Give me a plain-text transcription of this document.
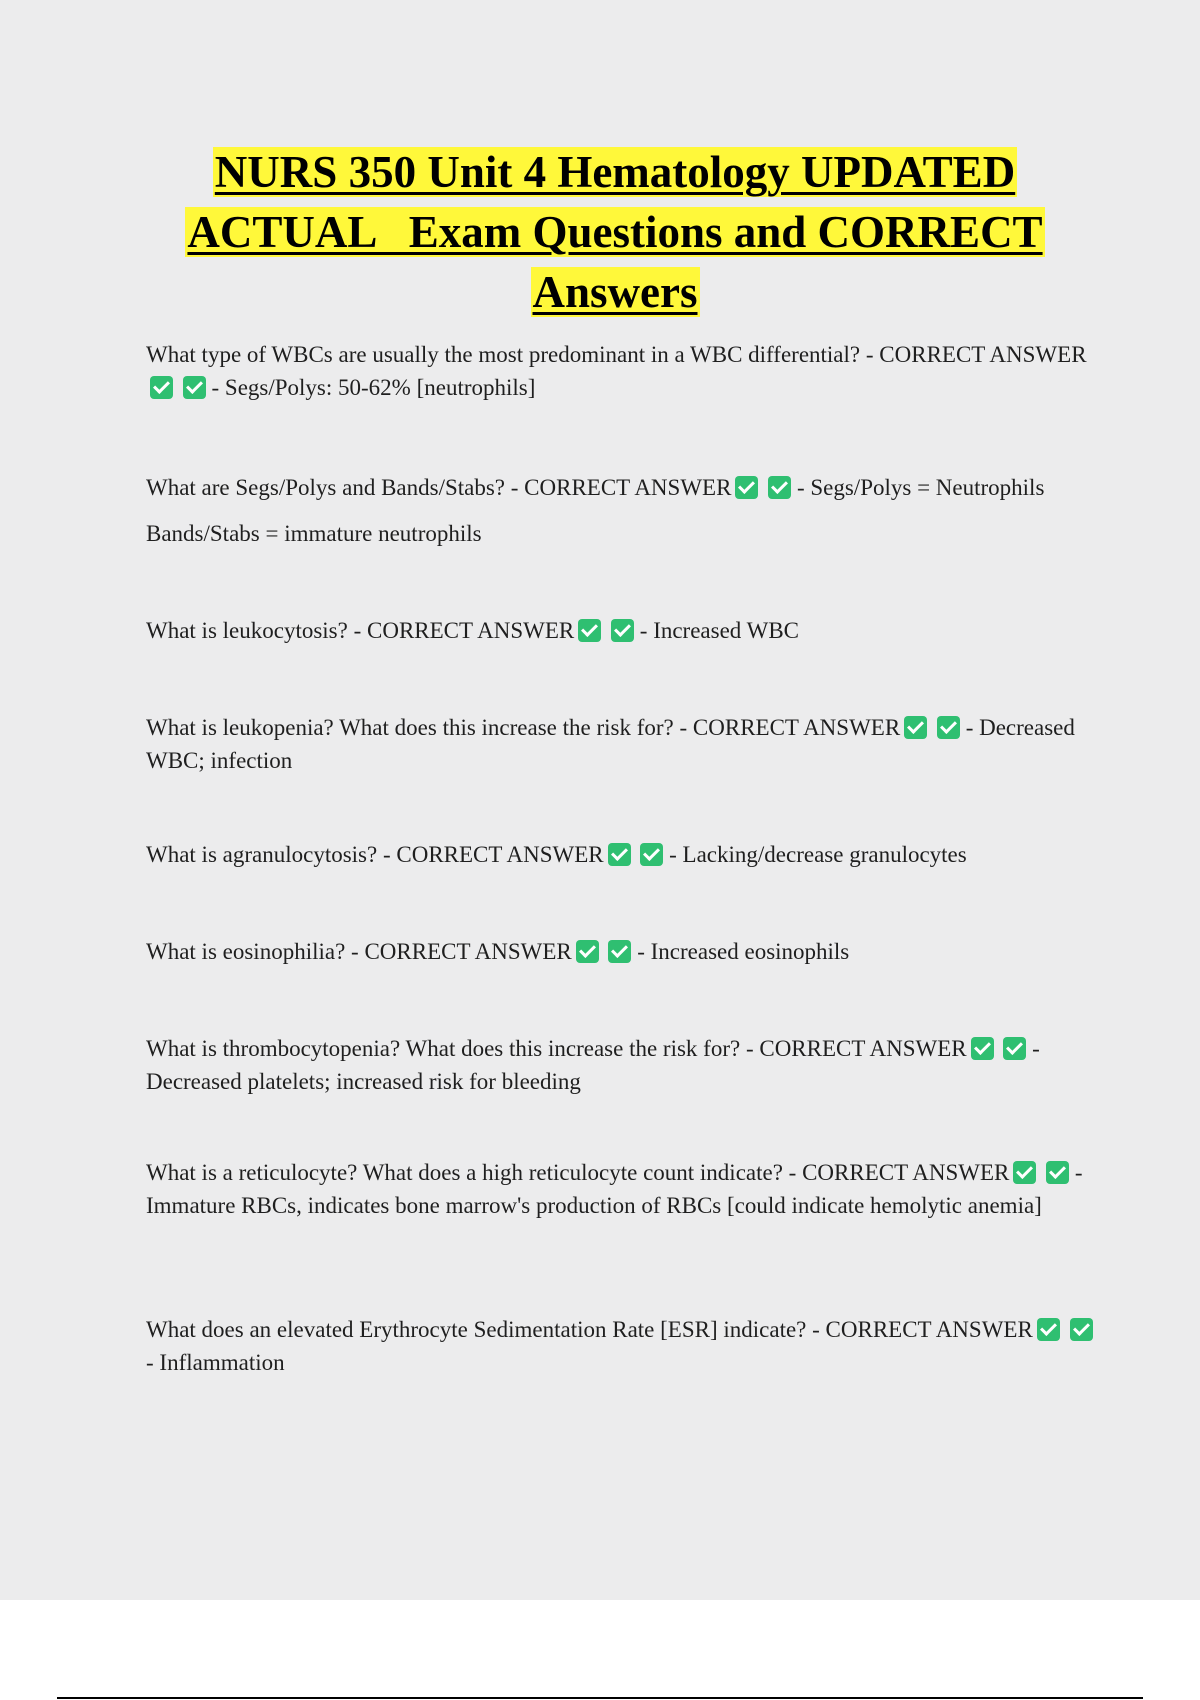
NURS 350 Unit 4 Hematology UPDATED
ACTUAL   Exam Questions and CORRECT
Answers
What type of WBCs are usually the most predominant in a WBC differential? - CORRECT ANSWER  - Segs/Polys: 50-62% [neutrophils]
What are Segs/Polys and Bands/Stabs? - CORRECT ANSWER	- Segs/Polys = Neutrophils
Bands/Stabs = immature neutrophils
What is leukocytosis? - CORRECT ANSWER	- Increased WBC
What is leukopenia? What does this increase the risk for? - CORRECT ANSWER	- Decreased WBC; infection
What is agranulocytosis? - CORRECT ANSWER	- Lacking/decrease granulocytes
What is eosinophilia? - CORRECT ANSWER	- Increased eosinophils
What is thrombocytopenia? What does this increase the risk for? - CORRECT ANSWER	- Decreased platelets; increased risk for bleeding
What is a reticulocyte? What does a high reticulocyte count indicate? - CORRECT ANSWER	- Immature RBCs, indicates bone marrow's production of RBCs [could indicate hemolytic anemia]
What does an elevated Erythrocyte Sedimentation Rate [ESR] indicate? - CORRECT ANSWER  - Inflammation
